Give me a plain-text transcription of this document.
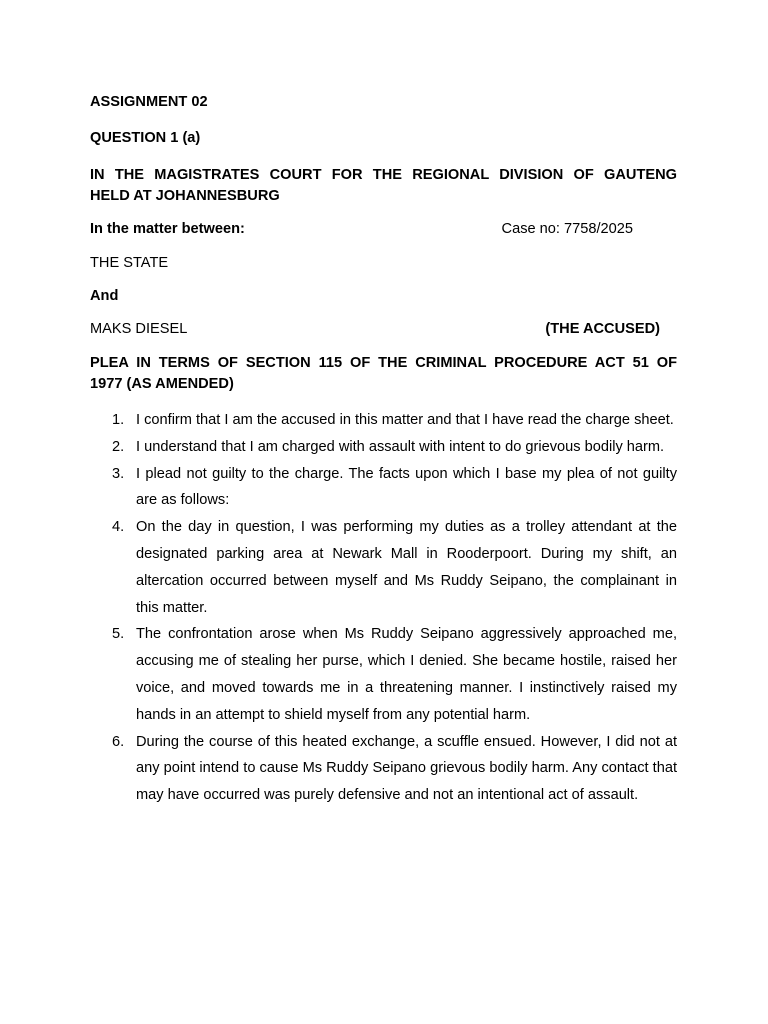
ASSIGNMENT 02

QUESTION 1 (a)

IN THE MAGISTRATES COURT FOR THE REGIONAL DIVISION OF GAUTENG
HELD AT JOHANNESBURG
In the matter between:	Case no: 7758/2025

THE STATE

And

MAKS DIESEL	(THE ACCUSED)
PLEA IN TERMS OF SECTION 115 OF THE CRIMINAL PROCEDURE ACT 51 OF
1977 (AS AMENDED)
1. I confirm that I am the accused in this matter and that I have read the charge sheet.
2. I understand that I am charged with assault with intent to do grievous bodily harm.
3. I plead not guilty to the charge. The facts upon which I base my plea of not guilty are as follows:
4. On the day in question, I was performing my duties as a trolley attendant at the designated parking area at Newark Mall in Rooderpoort. During my shift, an altercation occurred between myself and Ms Ruddy Seipano, the complainant in this matter.
5. The confrontation arose when Ms Ruddy Seipano aggressively approached me, accusing me of stealing her purse, which I denied. She became hostile, raised her voice, and moved towards me in a threatening manner. I instinctively raised my hands in an attempt to shield myself from any potential harm.
6. During the course of this heated exchange, a scuffle ensued. However, I did not at any point intend to cause Ms Ruddy Seipano grievous bodily harm. Any contact that may have occurred was purely defensive and not an intentional act of assault.
